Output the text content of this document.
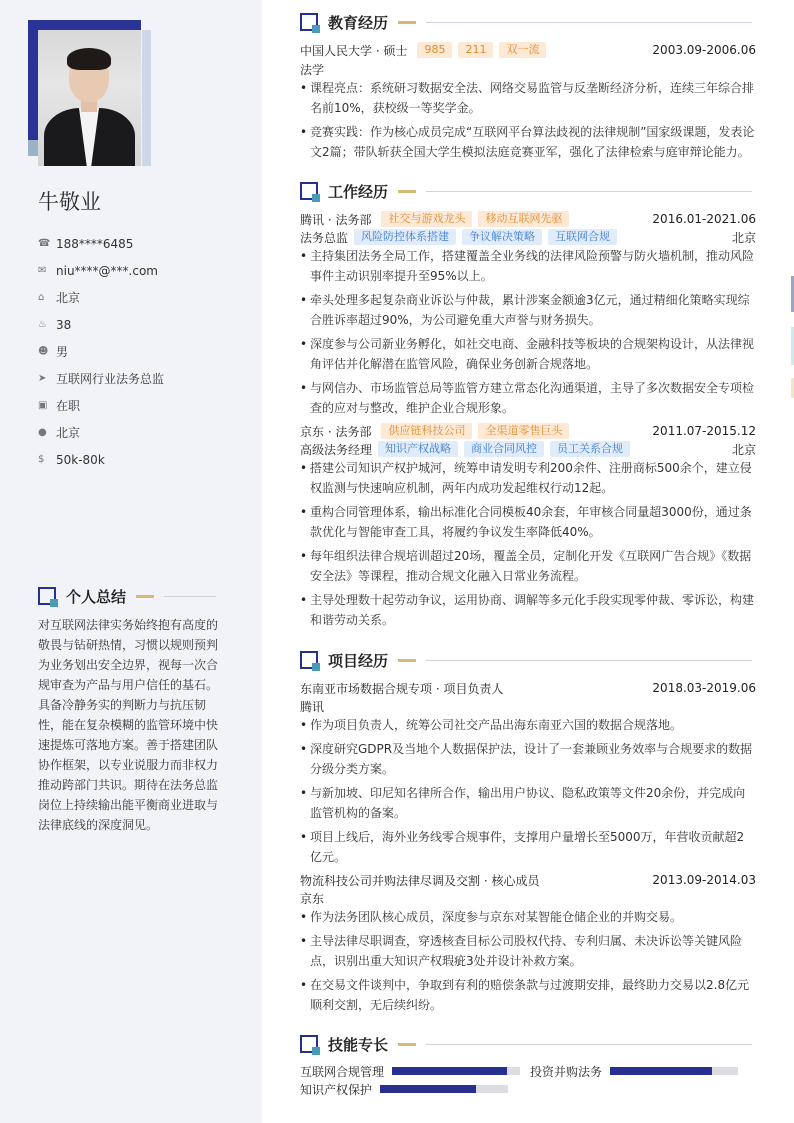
牛敬业
☎ 188****6485
✉ niu****@***.com
⌂ 北京
♨ 38
☻ 男
➤ 互联网行业法务总监
▣ 在职
● 北京
$ 50k-80k
个人总结
对互联网法律实务始终抱有高度的敬畏与钻研热情，习惯以规则预判为业务划出安全边界，视每一次合规审查为产品与用户信任的基石。具备冷静务实的判断力与抗压韧性，能在复杂模糊的监管环境中快速提炼可落地方案。善于搭建团队协作框架，以专业说服力而非权力推动跨部门共识。期待在法务总监岗位上持续输出能平衡商业进取与法律底线的深度洞见。
教育经历
中国人民大学 · 硕士	985	211	双一流	2003.09-2006.06
法学
• 课程亮点：系统研习数据安全法、网络交易监管与反垄断经济分析，连续三年综合排名前10%，获校级一等奖学金。
• 竞赛实践：作为核心成员完成“互联网平台算法歧视的法律规制”国家级课题，发表论文2篇；带队斩获全国大学生模拟法庭竞赛亚军，强化了法律检索与庭审辩论能力。
工作经历
腾讯 · 法务部	社交与游戏龙头	移动互联网先驱	2016.01-2021.06
法务总监	风险防控体系搭建	争议解决策略	互联网合规	北京
• 主持集团法务全局工作，搭建覆盖全业务线的法律风险预警与防火墙机制，推动风险事件主动识别率提升至95%以上。
• 牵头处理多起复杂商业诉讼与仲裁，累计涉案金额逾3亿元，通过精细化策略实现综合胜诉率超过90%，为公司避免重大声誉与财务损失。
• 深度参与公司新业务孵化，如社交电商、金融科技等板块的合规架构设计，从法律视角评估并化解潜在监管风险，确保业务创新合规落地。
• 与网信办、市场监管总局等监管方建立常态化沟通渠道，主导了多次数据安全专项检查的应对与整改，维护企业合规形象。
京东 · 法务部	供应链科技公司	全渠道零售巨头	2011.07-2015.12
高级法务经理	知识产权战略	商业合同风控	员工关系合规	北京
• 搭建公司知识产权护城河，统筹申请发明专利200余件、注册商标500余个，建立侵权监测与快速响应机制，两年内成功发起维权行动12起。
• 重构合同管理体系，输出标准化合同模板40余套，年审核合同量超3000份，通过条款优化与智能审查工具，将履约争议发生率降低40%。
• 每年组织法律合规培训超过20场，覆盖全员，定制化开发《互联网广告合规》《数据安全法》等课程，推动合规文化融入日常业务流程。
• 主导处理数十起劳动争议，运用协商、调解等多元化手段实现零仲裁、零诉讼，构建和谐劳动关系。
项目经历
东南亚市场数据合规专项 · 项目负责人	2018.03-2019.06
腾讯
• 作为项目负责人，统筹公司社交产品出海东南亚六国的数据合规落地。
• 深度研究GDPR及当地个人数据保护法，设计了一套兼顾业务效率与合规要求的数据分级分类方案。
• 与新加坡、印尼知名律所合作，输出用户协议、隐私政策等文件20余份，并完成向监管机构的备案。
• 项目上线后，海外业务线零合规事件，支撑用户量增长至5000万，年营收贡献超2亿元。
物流科技公司并购法律尽调及交割 · 核心成员	2013.09-2014.03
京东
• 作为法务团队核心成员，深度参与京东对某智能仓储企业的并购交易。
• 主导法律尽职调查，穿透核查目标公司股权代持、专利归属、未决诉讼等关键风险点，识别出重大知识产权瑕疵3处并设计补救方案。
• 在交易文件谈判中，争取到有利的赔偿条款与过渡期安排，最终助力交易以2.8亿元顺利交割，无后续纠纷。
技能专长
互联网合规管理	投资并购法务
知识产权保护
